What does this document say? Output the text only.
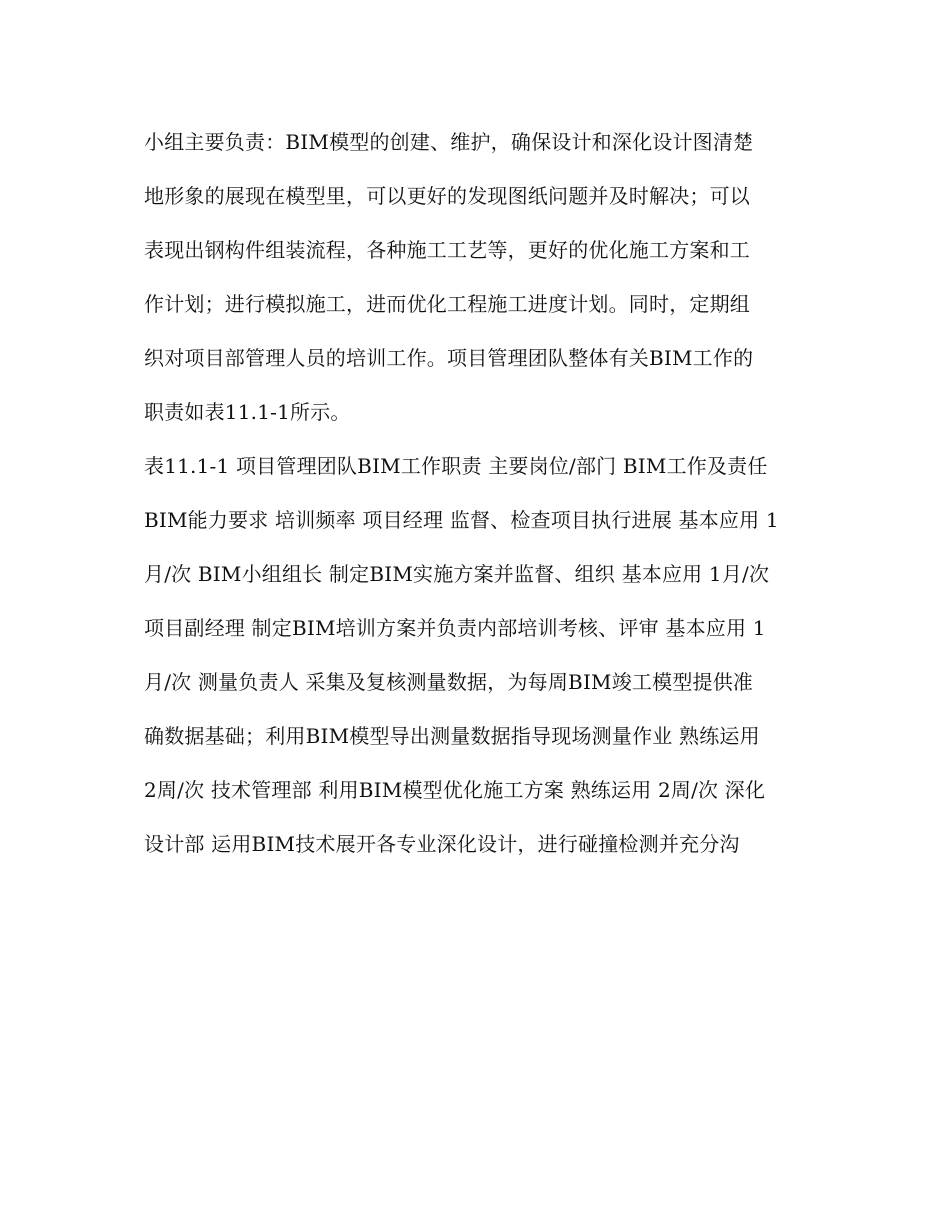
小组主要负责：BIM模型的创建、维护，确保设计和深化设计图清楚
地形象的展现在模型里，可以更好的发现图纸问题并及时解决；可以
表现出钢构件组装流程，各种施工工艺等，更好的优化施工方案和工
作计划；进行模拟施工，进而优化工程施工进度计划。同时，定期组
织对项目部管理人员的培训工作。项目管理团队整体有关BIM工作的
职责如表11.1-1所示。
表11.1-1 项目管理团队BIM工作职责 主要岗位/部门 BIM工作及责任
BIM能力要求 培训频率 项目经理 监督、检查项目执行进展 基本应用 1
月/次 BIM小组组长 制定BIM实施方案并监督、组织 基本应用 1月/次
项目副经理 制定BIM培训方案并负责内部培训考核、评审 基本应用 1
月/次 测量负责人 采集及复核测量数据，为每周BIM竣工模型提供准
确数据基础；利用BIM模型导出测量数据指导现场测量作业 熟练运用
2周/次 技术管理部 利用BIM模型优化施工方案 熟练运用 2周/次 深化
设计部 运用BIM技术展开各专业深化设计，进行碰撞检测并充分沟
